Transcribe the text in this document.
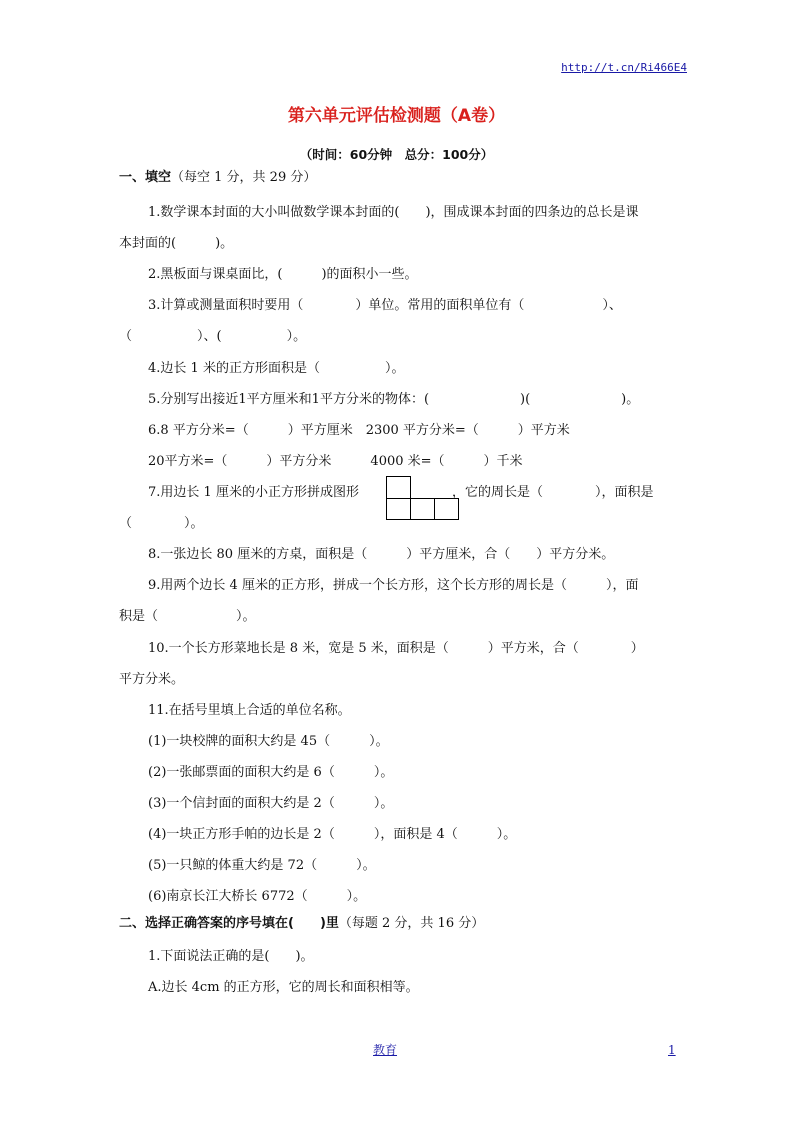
http://t.cn/Ri466E4
第六单元评估检测题（A卷）
（时间：60分钟　总分：100分）
一、填空（每空 1 分，共 29 分）
1.数学课本封面的大小叫做数学课本封面的(　　)，围成课本封面的四条边的总长是课
本封面的(　　　)。
2.黑板面与课桌面比，(　　　)的面积小一些。
3.计算或测量面积时要用（　　　　）单位。常用的面积单位有（　　　　　　）、
（　　　　　）、(　　　　　）。
4.边长 1 米的正方形面积是（　　　　　）。
5.分别写出接近1平方厘米和1平方分米的物体：(　　　　　　　)(　　　　　　　)。
6.8 平方分米=（　　　）平方厘米　2300 平方分米=（　　　）平方米
20平方米=（　　　）平方分米　　　4000 米=（　　　）千米
7.用边长 1 厘米的小正方形拼成图形	，它的周长是（　　　　），面积是
（　　　　）。
8.一张边长 80 厘米的方桌，面积是（　　　）平方厘米，合（　　）平方分米。
9.用两个边长 4 厘米的正方形，拼成一个长方形，这个长方形的周长是（　　　），面
积是（　　　　　　）。
10.一个长方形菜地长是 8 米，宽是 5 米，面积是（　　　）平方米，合（　　　　）
平方分米。
11.在括号里填上合适的单位名称。
(1)一块校牌的面积大约是 45（　　　）。
(2)一张邮票面的面积大约是 6（　　　）。
(3)一个信封面的面积大约是 2（　　　）。
(4)一块正方形手帕的边长是 2（　　　），面积是 4（　　　）。
(5)一只鲸的体重大约是 72（　　　）。
(6)南京长江大桥长 6772（　　　）。
二、选择正确答案的序号填在(　　)里（每题 2 分，共 16 分）
1.下面说法正确的是(　　)。
A.边长 4cm 的正方形，它的周长和面积相等。
教育	1
